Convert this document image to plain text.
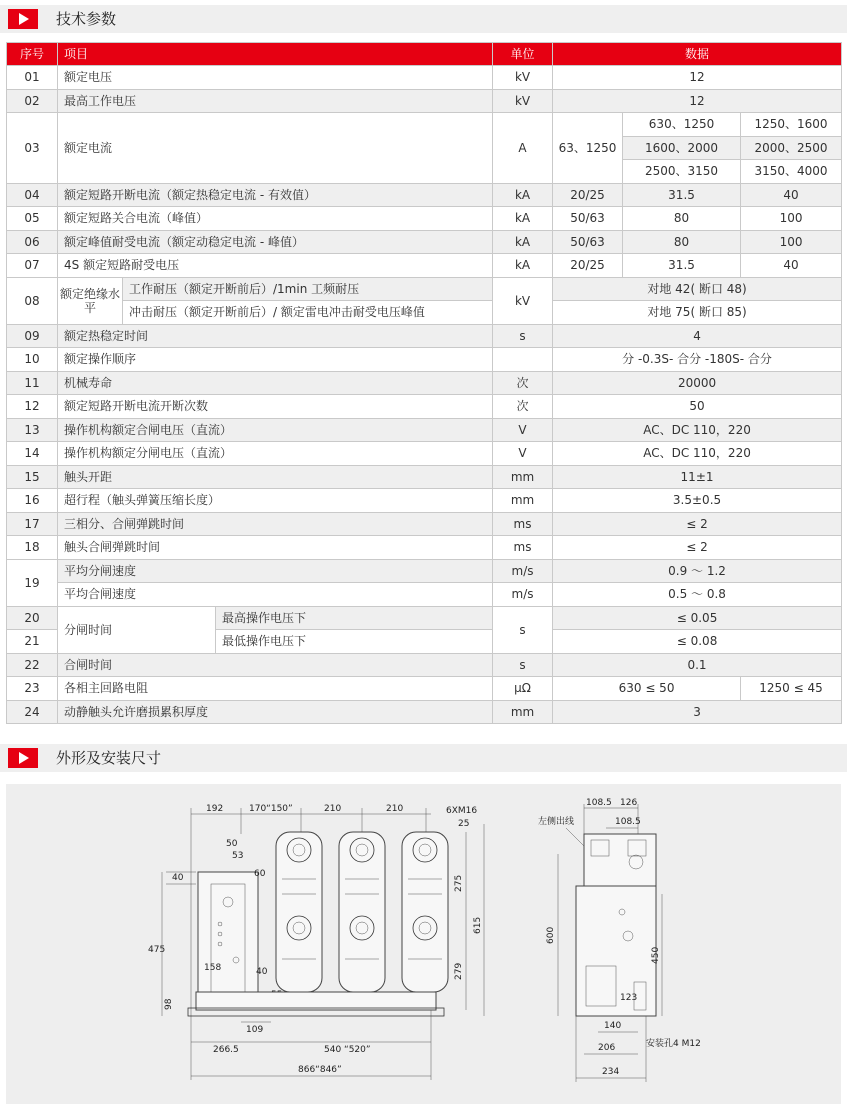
技术参数
序号	项目			单位	数据		
01	额定电压			kV	12		
02	最高工作电压			kV	12		
03	额定电流			A	63、1250	630、1250	1250、1600
						1600、2000	2000、2500
						2500、3150	3150、4000
04	额定短路开断电流（额定热稳定电流 - 有效值）			kA	20/25	31.5	40
05	额定短路关合电流（峰值）			kA	50/63	80	100
06	额定峰值耐受电流（额定动稳定电流 - 峰值）			kA	50/63	80	100
07	4S 额定短路耐受电压			kA	20/25	31.5	40
08	额定绝缘水平	工作耐压（额定开断前后）/1min 工频耐压		kV	对地 42( 断口 48)		
		冲击耐压（额定开断前后）/ 额定雷电冲击耐受电压峰值			对地 75( 断口 85)		
09	额定热稳定时间			s	4		
10	额定操作顺序				分 -0.3S- 合分 -180S- 合分		
11	机械寿命			次	20000		
12	额定短路开断电流开断次数			次	50		
13	操作机构额定合闸电压（直流）			V	AC、DC 110，220		
14	操作机构额定分闸电压（直流）			V	AC、DC 110，220		
15	触头开距			mm	11±1		
16	超行程（触头弹簧压缩长度）			mm	3.5±0.5		
17	三相分、合闸弹跳时间			ms	≤ 2		
18	触头合闸弹跳时间			ms	≤ 2		
19	平均分闸速度			m/s	0.9 ～ 1.2		
	平均合闸速度			m/s	0.5 ～ 0.8		
20	分闸时间		最高操作电压下	s	≤ 0.05		
21			最低操作电压下		≤ 0.08		
22	合闸时间			s	0.1		
23	各相主回路电阻			μΩ	630 ≤ 50		1250 ≤ 45
24	动静触头允许磨损累积厚度			mm	3		
外形及安装尺寸
192	170“150”	210	210	6XM16
25
50
53
60
40
475
158	40
275
279
615
98
109
266.5	540 “520”
866“846”
108.5 126
108.5
左侧出线
600
450
123
140
安装孔4 M12
206
234
